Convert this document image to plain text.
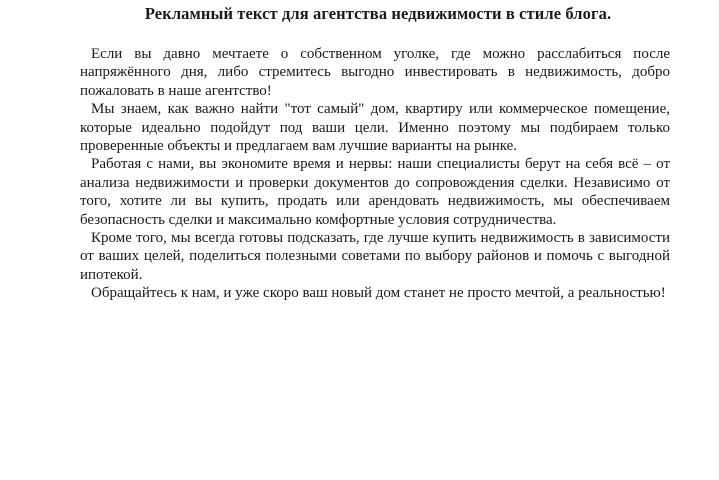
Рекламный текст для агентства недвижимости в стиле блога.

Если вы давно мечтаете о собственном уголке, где можно расслабиться после напряжённого дня, либо стремитесь выгодно инвестировать в недвижимость, добро пожаловать в наше агентство!

Мы знаем, как важно найти "тот самый" дом, квартиру или коммерческое помещение, которые идеально подойдут под ваши цели. Именно поэтому мы подбираем только проверенные объекты и предлагаем вам лучшие варианты на рынке.

Работая с нами, вы экономите время и нервы: наши специалисты берут на себя всё – от анализа недвижимости и проверки документов до сопровождения сделки. Независимо от того, хотите ли вы купить, продать или арендовать недвижимость, мы обеспечиваем безопасность сделки и максимально комфортные условия сотрудничества.

Кроме того, мы всегда готовы подсказать, где лучше купить недвижимость в зависимости от ваших целей, поделиться полезными советами по выбору районов и помочь с выгодной ипотекой.

Обращайтесь к нам, и уже скоро ваш новый дом станет не просто мечтой, а реальностью!
